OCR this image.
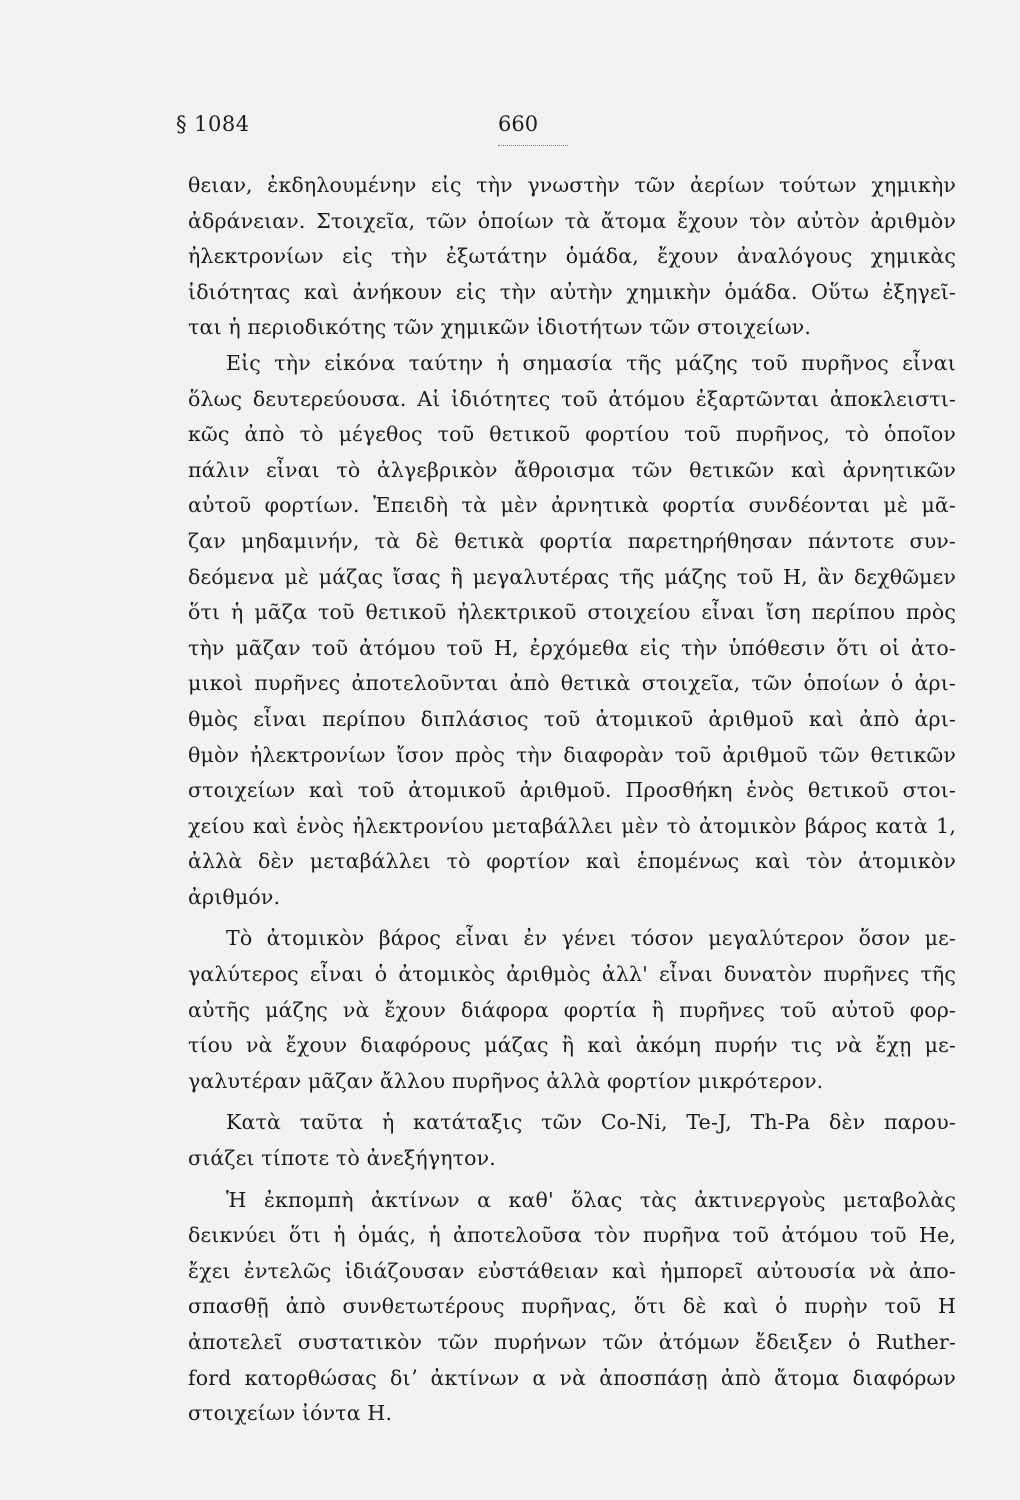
§ 1084	660
θειαν, ἐκδηλουμένην εἰς τὴν γνωστὴν τῶν ἀερίων τούτων χημικὴν
ἀδράνειαν. Στοιχεῖα, τῶν ὁποίων τὰ ἄτομα ἔχουν τὸν αὐτὸν ἀριθμὸν
ἠλεκτρονίων εἰς τὴν ἐξωτάτην ὁμάδα, ἔχουν ἀναλόγους χημικὰς
ἰδιότητας καὶ ἀνήκουν εἰς τὴν αὐτὴν χημικὴν ὁμάδα. Οὕτω ἐξηγεῖ-
ται ἡ περιοδικότης τῶν χημικῶν ἰδιοτήτων τῶν στοιχείων.
Εἰς τὴν εἰκόνα ταύτην ἡ σημασία τῆς μάζης τοῦ πυρῆνος εἶναι
ὅλως δευτερεύουσα. Αἱ ἰδιότητες τοῦ ἀτόμου ἐξαρτῶνται ἀποκλειστι-
κῶς ἀπὸ τὸ μέγεθος τοῦ θετικοῦ φορτίου τοῦ πυρῆνος, τὸ ὁποῖον
πάλιν εἶναι τὸ ἀλγεβρικὸν ἄθροισμα τῶν θετικῶν καὶ ἀρνητικῶν
αὐτοῦ φορτίων. Ἐπειδὴ τὰ μὲν ἀρνητικὰ φορτία συνδέονται μὲ μᾶ-
ζαν μηδαμινήν, τὰ δὲ θετικὰ φορτία παρετηρήθησαν πάντοτε συν-
δεόμενα μὲ μάζας ἴσας ἢ μεγαλυτέρας τῆς μάζης τοῦ Η, ἂν δεχθῶμεν
ὅτι ἡ μᾶζα τοῦ θετικοῦ ἠλεκτρικοῦ στοιχείου εἶναι ἴση περίπου πρὸς
τὴν μᾶζαν τοῦ ἀτόμου τοῦ Η, ἐρχόμεθα εἰς τὴν ὑπόθεσιν ὅτι οἱ ἀτο-
μικοὶ πυρῆνες ἀποτελοῦνται ἀπὸ θετικὰ στοιχεῖα, τῶν ὁποίων ὁ ἀρι-
θμὸς εἶναι περίπου διπλάσιος τοῦ ἀτομικοῦ ἀριθμοῦ καὶ ἀπὸ ἀρι-
θμὸν ἠλεκτρονίων ἴσον πρὸς τὴν διαφορὰν τοῦ ἀριθμοῦ τῶν θετικῶν
στοιχείων καὶ τοῦ ἀτομικοῦ ἀριθμοῦ. Προσθήκη ἑνὸς θετικοῦ στοι-
χείου καὶ ἑνὸς ἠλεκτρονίου μεταβάλλει μὲν τὸ ἀτομικὸν βάρος κατὰ 1,
ἀλλὰ δὲν μεταβάλλει τὸ φορτίον καὶ ἑπομένως καὶ τὸν ἀτομικὸν
ἀριθμόν.
Τὸ ἀτομικὸν βάρος εἶναι ἐν γένει τόσον μεγαλύτερον ὅσον με-
γαλύτερος εἶναι ὁ ἀτομικὸς ἀριθμὸς ἀλλ' εἶναι δυνατὸν πυρῆνες τῆς
αὐτῆς μάζης νὰ ἔχουν διάφορα φορτία ἢ πυρῆνες τοῦ αὐτοῦ φορ-
τίου νὰ ἔχουν διαφόρους μάζας ἢ καὶ ἀκόμη πυρήν τις νὰ ἔχῃ με-
γαλυτέραν μᾶζαν ἄλλου πυρῆνος ἀλλὰ φορτίον μικρότερον.
Κατὰ ταῦτα ἡ κατάταξις τῶν Co-Ni, Te-J, Th-Pa δὲν παρου-
σιάζει τίποτε τὸ ἀνεξήγητον.
Ἡ ἐκπομπὴ ἀκτίνων α καθ' ὅλας τὰς ἀκτινεργοὺς μεταβολὰς
δεικνύει ὅτι ἡ ὁμάς, ἡ ἀποτελοῦσα τὸν πυρῆνα τοῦ ἀτόμου τοῦ He,
ἔχει ἐντελῶς ἰδιάζουσαν εὐστάθειαν καὶ ἠμπορεῖ αὐτουσία νὰ ἀπο-
σπασθῇ ἀπὸ συνθετωτέρους πυρῆνας, ὅτι δὲ καὶ ὁ πυρὴν τοῦ Η
ἀποτελεῖ συστατικὸν τῶν πυρήνων τῶν ἀτόμων ἔδειξεν ὁ Ruther-
ford κατορθώσας διʼ ἀκτίνων α νὰ ἀποσπάσῃ ἀπὸ ἄτομα διαφόρων
στοιχείων ἰόντα Η.
